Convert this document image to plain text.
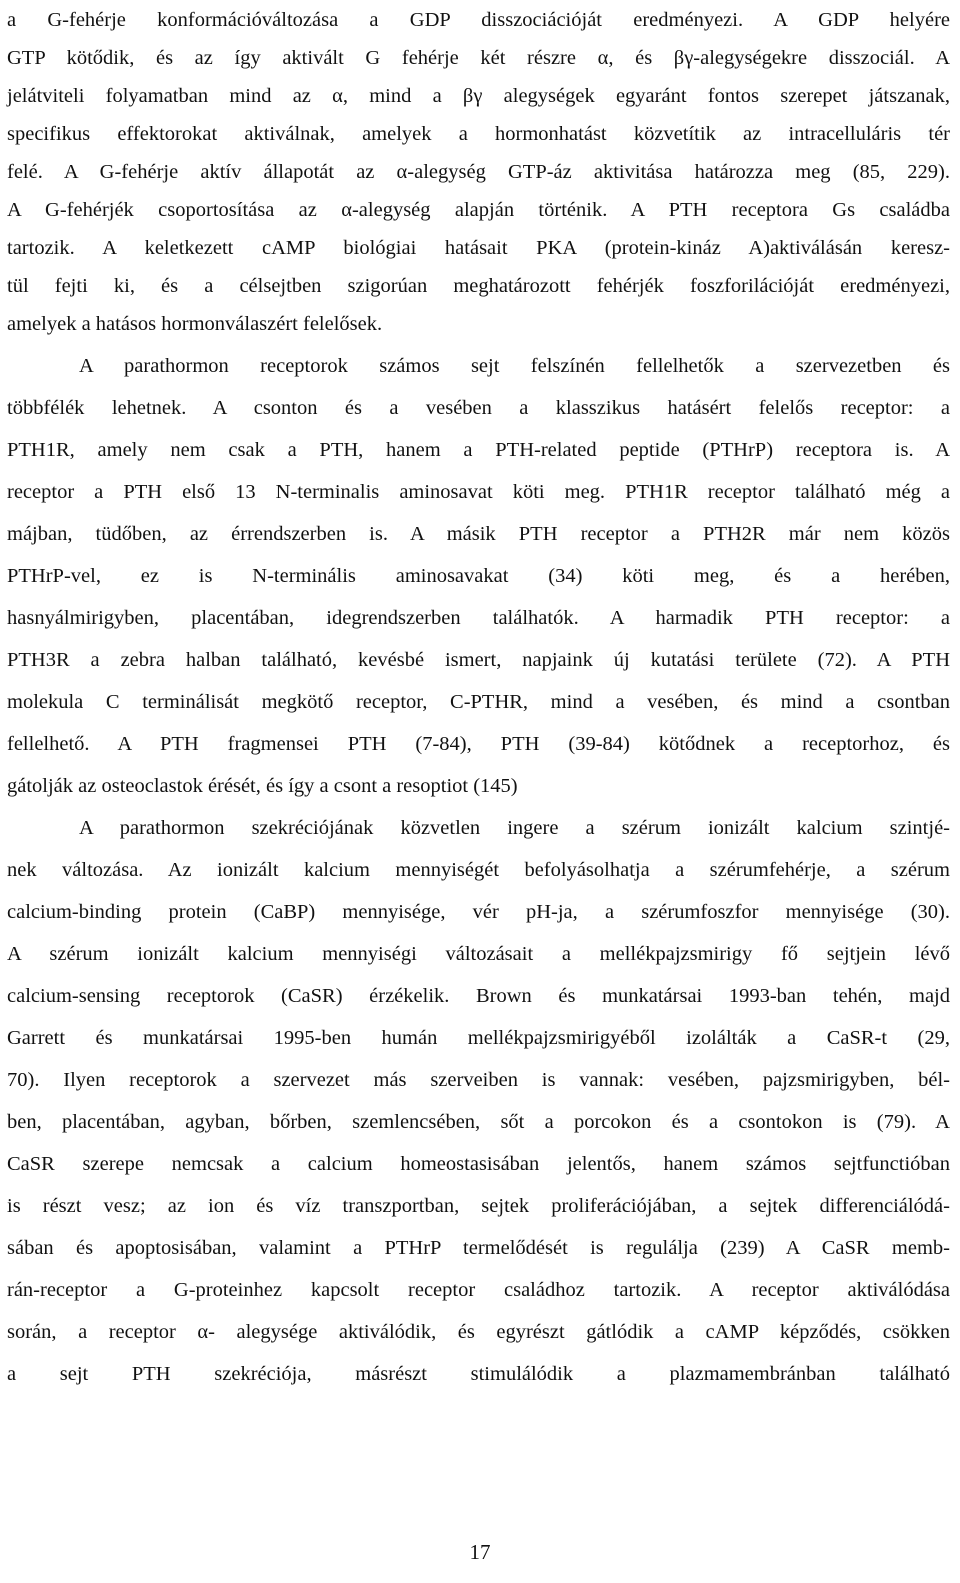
a G-fehérje konformációváltozása a GDP disszociációját eredményezi. A GDP helyére
GTP kötődik, és az így aktivált G fehérje két részre α, és βγ-alegységekre disszociál. A
jelátviteli folyamatban mind az α, mind a βγ alegységek egyaránt fontos szerepet játszanak,
specifikus effektorokat aktiválnak, amelyek a hormonhatást közvetítik az intracelluláris tér
felé. A G-fehérje aktív állapotát az α-alegység GTP-áz aktivitása határozza meg (85, 229).
A G-fehérjék csoportosítása az α-alegység alapján történik. A PTH receptora Gs családba
tartozik. A keletkezett cAMP biológiai hatásait PKA (protein-kináz A)aktiválásán keresz-
tül fejti ki, és a célsejtben szigorúan meghatározott fehérjék foszforilációját eredményezi,
amelyek a hatásos hormonválaszért felelősek.
A parathormon receptorok számos sejt felszínén fellelhetők a szervezetben és
többfélék lehetnek. A csonton és a vesében a klasszikus hatásért felelős receptor: a
PTH1R, amely nem csak a PTH, hanem a PTH-related peptide (PTHrP) receptora is. A
receptor a PTH első 13 N-terminalis aminosavat köti meg. PTH1R receptor található még a
májban, tüdőben, az érrendszerben is. A másik PTH receptor a PTH2R már nem közös
PTHrP-vel, ez is N-terminális aminosavakat (34) köti meg, és a herében,
hasnyálmirigyben, placentában, idegrendszerben találhatók. A harmadik PTH receptor: a
PTH3R a zebra halban található, kevésbé ismert, napjaink új kutatási területe (72). A PTH
molekula C terminálisát megkötő receptor, C-PTHR, mind a vesében, és mind a csontban
fellelhető. A PTH fragmensei PTH (7-84), PTH (39-84) kötődnek a receptorhoz, és
gátolják az osteoclastok érését, és így a csont a resoptiot (145)
A parathormon szekréciójának közvetlen ingere a szérum ionizált kalcium szintjé-
nek változása. Az ionizált kalcium mennyiségét befolyásolhatja a szérumfehérje, a szérum
calcium-binding protein (CaBP) mennyisége, vér pH-ja, a szérumfoszfor mennyisége (30).
A szérum ionizált kalcium mennyiségi változásait a mellékpajzsmirigy fő sejtjein lévő
calcium-sensing receptorok (CaSR) érzékelik. Brown és munkatársai 1993-ban tehén, majd
Garrett és munkatársai 1995-ben humán mellékpajzsmirigyéből izolálták a CaSR-t (29,
70). Ilyen receptorok a szervezet más szerveiben is vannak: vesében, pajzsmirigyben, bél-
ben, placentában, agyban, bőrben, szemlencsében, sőt a porcokon és a csontokon is (79). A
CaSR szerepe nemcsak a calcium homeostasisában jelentős, hanem számos sejtfunctióban
is részt vesz; az ion és víz transzportban, sejtek proliferációjában, a sejtek differenciálódá-
sában és apoptosisában, valamint a PTHrP termelődését is regulálja (239) A CaSR memb-
rán-receptor a G-proteinhez kapcsolt receptor családhoz tartozik. A receptor aktiválódása
során, a receptor α- alegysége aktiválódik, és egyrészt gátlódik a cAMP képződés, csökken
a sejt PTH szekréciója, másrészt stimulálódik a plazmamembránban található
17
